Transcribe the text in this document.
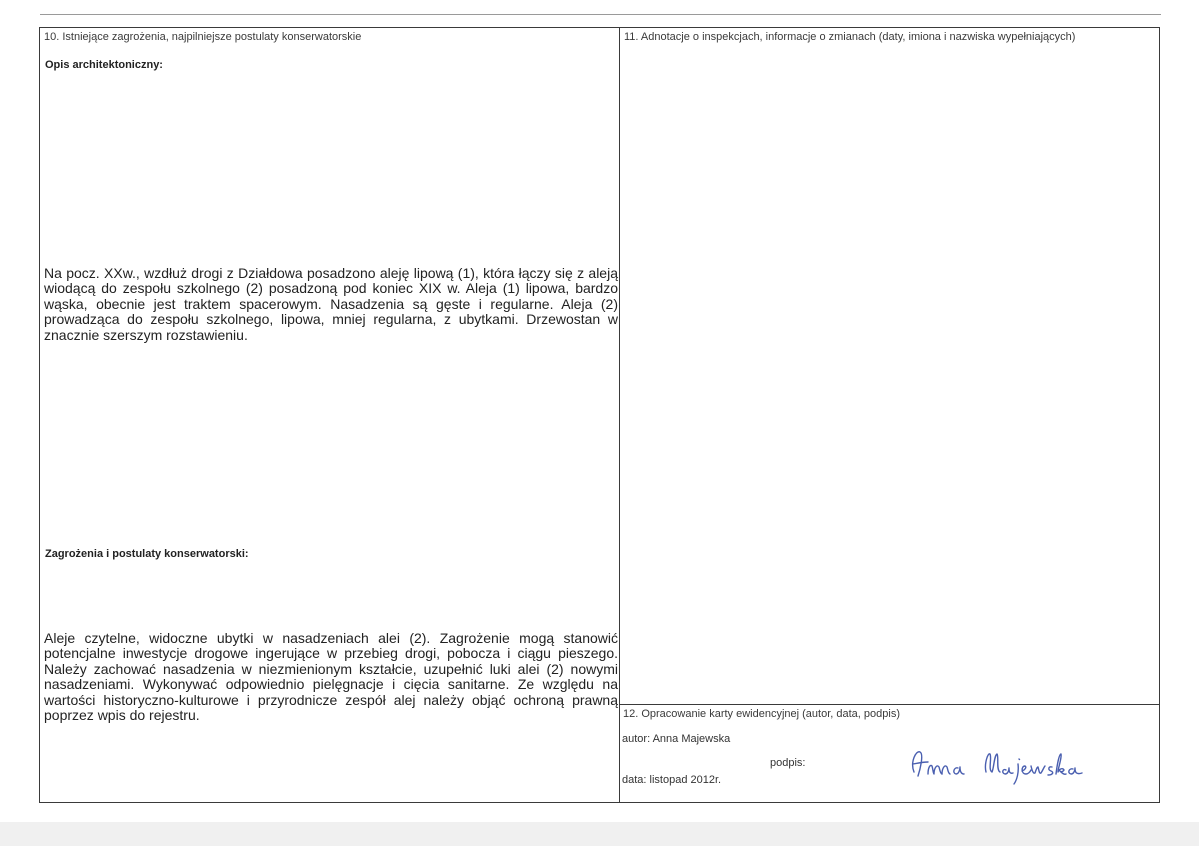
10. Istniejące zagrożenia, najpilniejsze postulaty konserwatorskie
Opis architektoniczny:
Na pocz. XXw., wzdłuż drogi z Działdowa posadzono aleję lipową (1), która łączy się z aleją wiodącą do zespołu szkolnego (2) posadzoną pod koniec XIX w. Aleja (1) lipowa, bardzo wąska, obecnie jest traktem spacerowym. Nasadzenia są gęste i regularne. Aleja (2) prowadząca do zespołu szkolnego, lipowa, mniej regularna, z ubytkami. Drzewostan w znacznie szerszym rozstawieniu.
Zagrożenia i postulaty konserwatorski:
Aleje czytelne, widoczne ubytki w nasadzeniach alei (2). Zagrożenie mogą stanowić potencjalne inwestycje drogowe ingerujące w przebieg drogi, pobocza i ciągu pieszego. Należy zachować nasadzenia w niezmienionym kształcie, uzupełnić luki alei (2) nowymi nasadzeniami. Wykonywać odpowiednio pielęgnacje i cięcia sanitarne. Ze względu na wartości historyczno-kulturowe i przyrodnicze zespół alej należy objąć ochroną prawną poprzez wpis do rejestru.
11. Adnotacje o inspekcjach, informacje o zmianach (daty, imiona i nazwiska wypełniających)
12. Opracowanie karty ewidencyjnej (autor, data, podpis)
autor: Anna Majewska
podpis:
data: listopad 2012r.
